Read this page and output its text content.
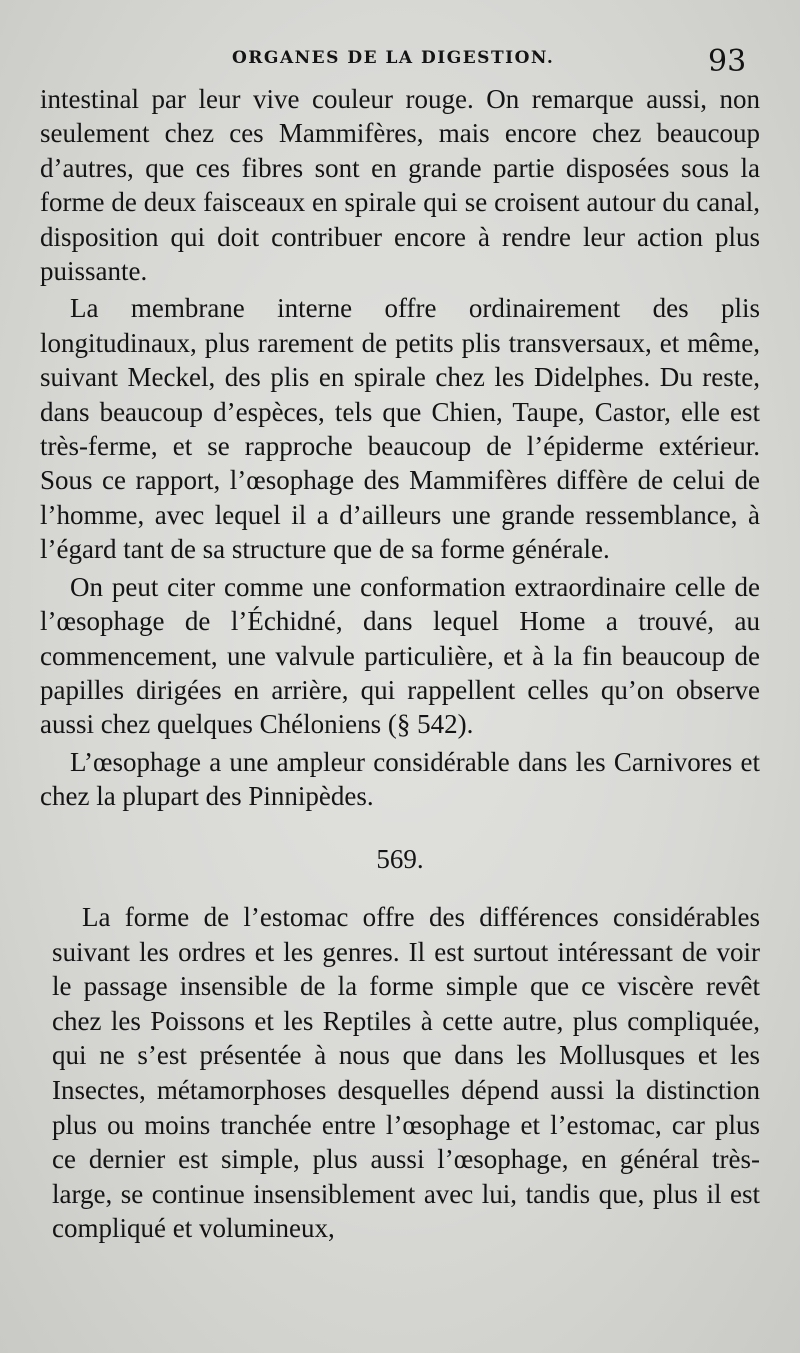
ORGANES DE LA DIGESTION.	93

intestinal par leur vive couleur rouge. On remarque aussi, non seulement chez ces Mammifères, mais encore chez beaucoup d’autres, que ces fibres sont en grande partie disposées sous la forme de deux faisceaux en spirale qui se croisent autour du canal, disposition qui doit contribuer encore à rendre leur action plus puissante.

La membrane interne offre ordinairement des plis longitudinaux, plus rarement de petits plis transversaux, et même, suivant Meckel, des plis en spirale chez les Didelphes. Du reste, dans beaucoup d’espèces, tels que Chien, Taupe, Castor, elle est très-ferme, et se rapproche beaucoup de l’épiderme extérieur. Sous ce rapport, l’œsophage des Mammifères diffère de celui de l’homme, avec lequel il a d’ailleurs une grande ressemblance, à l’égard tant de sa structure que de sa forme générale.

On peut citer comme une conformation extraordinaire celle de l’œsophage de l’Échidné, dans lequel Home a trouvé, au commencement, une valvule particulière, et à la fin beaucoup de papilles dirigées en arrière, qui rappellent celles qu’on observe aussi chez quelques Chéloniens (§ 542).

L’œsophage a une ampleur considérable dans les Carnivores et chez la plupart des Pinnipèdes.

569.

La forme de l’estomac offre des différences considérables suivant les ordres et les genres. Il est surtout intéressant de voir le passage insensible de la forme simple que ce viscère revêt chez les Poissons et les Reptiles à cette autre, plus compliquée, qui ne s’est présentée à nous que dans les Mollusques et les Insectes, métamorphoses desquelles dépend aussi la distinction plus ou moins tranchée entre l’œsophage et l’estomac, car plus ce dernier est simple, plus aussi l’œsophage, en général très-large, se continue insensiblement avec lui, tandis que, plus il est compliqué et volumineux,
